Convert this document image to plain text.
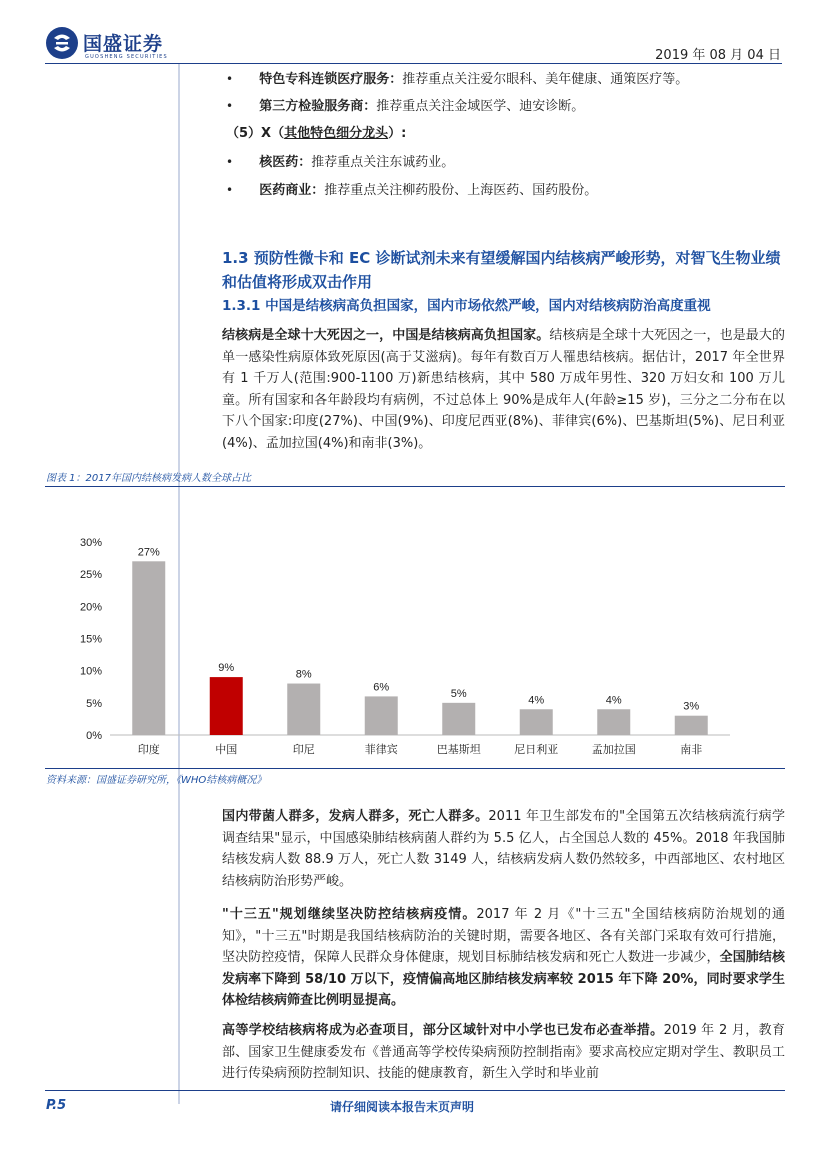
国盛证券
GUOSHENG SECURITIES	2019 年 08 月 04 日
• 特色专科连锁医疗服务：推荐重点关注爱尔眼科、美年健康、通策医疗等。
• 第三方检验服务商：推荐重点关注金域医学、迪安诊断。
（5）X（其他特色细分龙头）:
• 核医药：推荐重点关注东诚药业。
• 医药商业：推荐重点关注柳药股份、上海医药、国药股份。
1.3 预防性微卡和 EC 诊断试剂未来有望缓解国内结核病严峻形势，对智飞生物业绩和估值将形成双击作用
1.3.1 中国是结核病高负担国家，国内市场依然严峻，国内对结核病防治高度重视
结核病是全球十大死因之一，中国是结核病高负担国家。结核病是全球十大死因之一，也是最大的单一感染性病原体致死原因(高于艾滋病)。每年有数百万人罹患结核病。据估计，2017 年全世界有 1 千万人(范围:900-1100 万)新患结核病，其中 580 万成年男性、320 万妇女和 100 万儿童。所有国家和各年龄段均有病例，不过总体上 90%是成年人(年龄≥15 岁)，三分之二分布在以下八个国家:印度(27%)、中国(9%)、印度尼西亚(8%)、菲律宾(6%)、巴基斯坦(5%)、尼日利亚(4%)、孟加拉国(4%)和南非(3%)。
图表 1：2017年国内结核病发病人数全球占比
0%
5%
10%
15%
20%
25%
30%
27%
印度
9%
中国
8%
印尼
6%
菲律宾
5%
巴基斯坦
4%
尼日利亚
4%
孟加拉国
3%
南非
资料来源：国盛证券研究所，《WHO结核病概况》
国内带菌人群多，发病人群多，死亡人群多。2011 年卫生部发布的"全国第五次结核病流行病学调查结果"显示，中国感染肺结核病菌人群约为 5.5 亿人，占全国总人数的 45%。2018 年我国肺结核发病人数 88.9 万人，死亡人数 3149 人，结核病发病人数仍然较多，中西部地区、农村地区结核病防治形势严峻。
"十三五"规划继续坚决防控结核病疫情。2017 年 2 月《"十三五"全国结核病防治规划的通知》，"十三五"时期是我国结核病防治的关键时期，需要各地区、各有关部门采取有效可行措施，坚决防控疫情，保障人民群众身体健康，规划目标肺结核发病和死亡人数进一步减少，全国肺结核发病率下降到 58/10 万以下，疫情偏高地区肺结核发病率较 2015 年下降 20%，同时要求学生体检结核病筛查比例明显提高。
高等学校结核病将成为必查项目，部分区域针对中小学也已发布必查举措。2019 年 2 月，教育部、国家卫生健康委发布《普通高等学校传染病预防控制指南》要求高校应定期对学生、教职员工进行传染病预防控制知识、技能的健康教育，新生入学时和毕业前
P.5	请仔细阅读本报告末页声明
